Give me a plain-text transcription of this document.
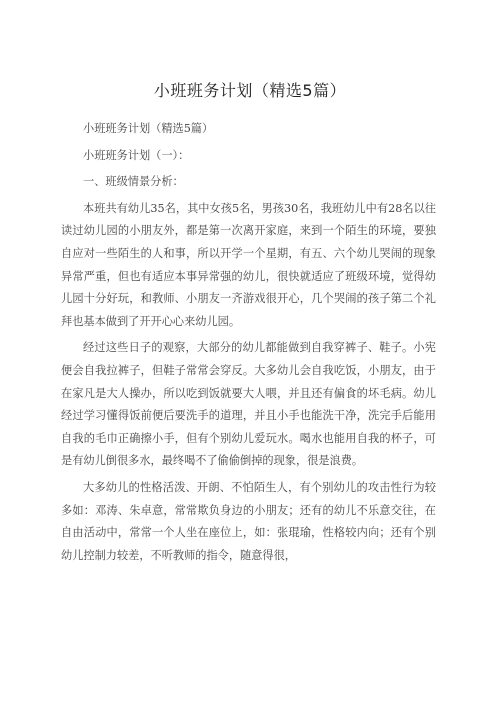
小班班务计划（精选5篇）
小班班务计划（精选5篇）
小班班务计划（一）：
一、班级情景分析：
本班共有幼儿35名，其中女孩5名，男孩30名，我班幼儿中有28名以往读过幼儿园的小朋友外，都是第一次离开家庭，来到一个陌生的环境，要独自应对一些陌生的人和事，所以开学一个星期，有五、六个幼儿哭闹的现象异常严重，但也有适应本事异常强的幼儿，很快就适应了班级环境，觉得幼儿园十分好玩，和教师、小朋友一齐游戏很开心，几个哭闹的孩子第二个礼拜也基本做到了开开心心来幼儿园。
经过这些日子的观察，大部分的幼儿都能做到自我穿裤子、鞋子。小宪便会自我拉裤子，但鞋子常常会穿反。大多幼儿会自我吃饭，小朋友，由于在家凡是大人操办，所以吃到饭就要大人喂，并且还有偏食的坏毛病。幼儿经过学习懂得饭前便后要洗手的道理，并且小手也能洗干净，洗完手后能用自我的毛巾正确擦小手，但有个别幼儿爱玩水。喝水也能用自我的杯子，可是有幼儿倒很多水，最终喝不了偷偷倒掉的现象，很是浪费。
大多幼儿的性格活泼、开朗、不怕陌生人，有个别幼儿的攻击性行为较多如：邓涛、朱卓意，常常欺负身边的小朋友；还有的幼儿不乐意交往，在自由活动中，常常一个人坐在座位上，如：张琨瑜，性格较内向；还有个别幼儿控制力较差，不听教师的指令，随意得很，
